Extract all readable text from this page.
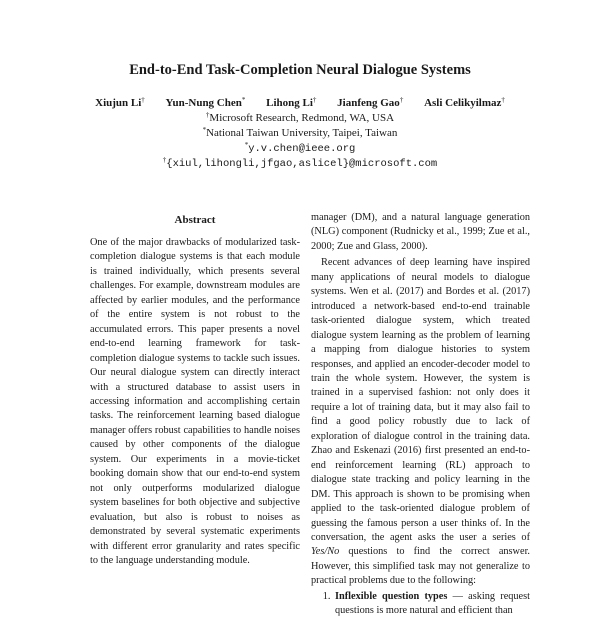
End-to-End Task-Completion Neural Dialogue Systems
Xiujun Li† Yun-Nung Chen* Lihong Li† Jianfeng Gao† Asli Celikyilmaz†

†Microsoft Research, Redmond, WA, USA

*National Taiwan University, Taipei, Taiwan

*y.v.chen@ieee.org

†{xiul,lihongli,jfgao,aslicel}@microsoft.com

Abstract

One of the major drawbacks of modularized task-completion dialogue systems is that each module is trained individually, which presents several challenges. For example, downstream modules are affected by earlier modules, and the performance of the entire system is not robust to the accumulated errors. This paper presents a novel end-to-end learning framework for task-completion dialogue systems to tackle such issues. Our neural dialogue system can directly interact with a structured database to assist users in accessing information and accomplishing certain tasks. The reinforcement learning based dialogue manager offers robust capabilities to handle noises caused by other components of the dialogue system. Our experiments in a movie-ticket booking domain show that our end-to-end system not only outperforms modularized dialogue system baselines for both objective and subjective evaluation, but also is robust to noises as demonstrated by several systematic experiments with different error granularity and rates specific to the language understanding module.

manager (DM), and a natural language generation (NLG) component (Rudnicky et al., 1999; Zue et al., 2000; Zue and Glass, 2000).

Recent advances of deep learning have inspired many applications of neural models to dialogue systems. Wen et al. (2017) and Bordes et al. (2017) introduced a network-based end-to-end trainable task-oriented dialogue system, which treated dialogue system learning as the problem of learning a mapping from dialogue histories to system responses, and applied an encoder-decoder model to train the whole system. However, the system is trained in a supervised fashion: not only does it require a lot of training data, but it may also fail to find a good policy robustly due to lack of exploration of dialogue control in the training data. Zhao and Eskenazi (2016) first presented an end-to-end reinforcement learning (RL) approach to dialogue state tracking and policy learning in the DM. This approach is shown to be promising when applied to the task-oriented dialogue problem of guessing the famous person a user thinks of. In the conversation, the agent asks the user a series of Yes/No questions to find the correct answer. However, this simplified task may not generalize to practical problems due to the following:

1. Inflexible question types — asking request questions is more natural and efficient than
